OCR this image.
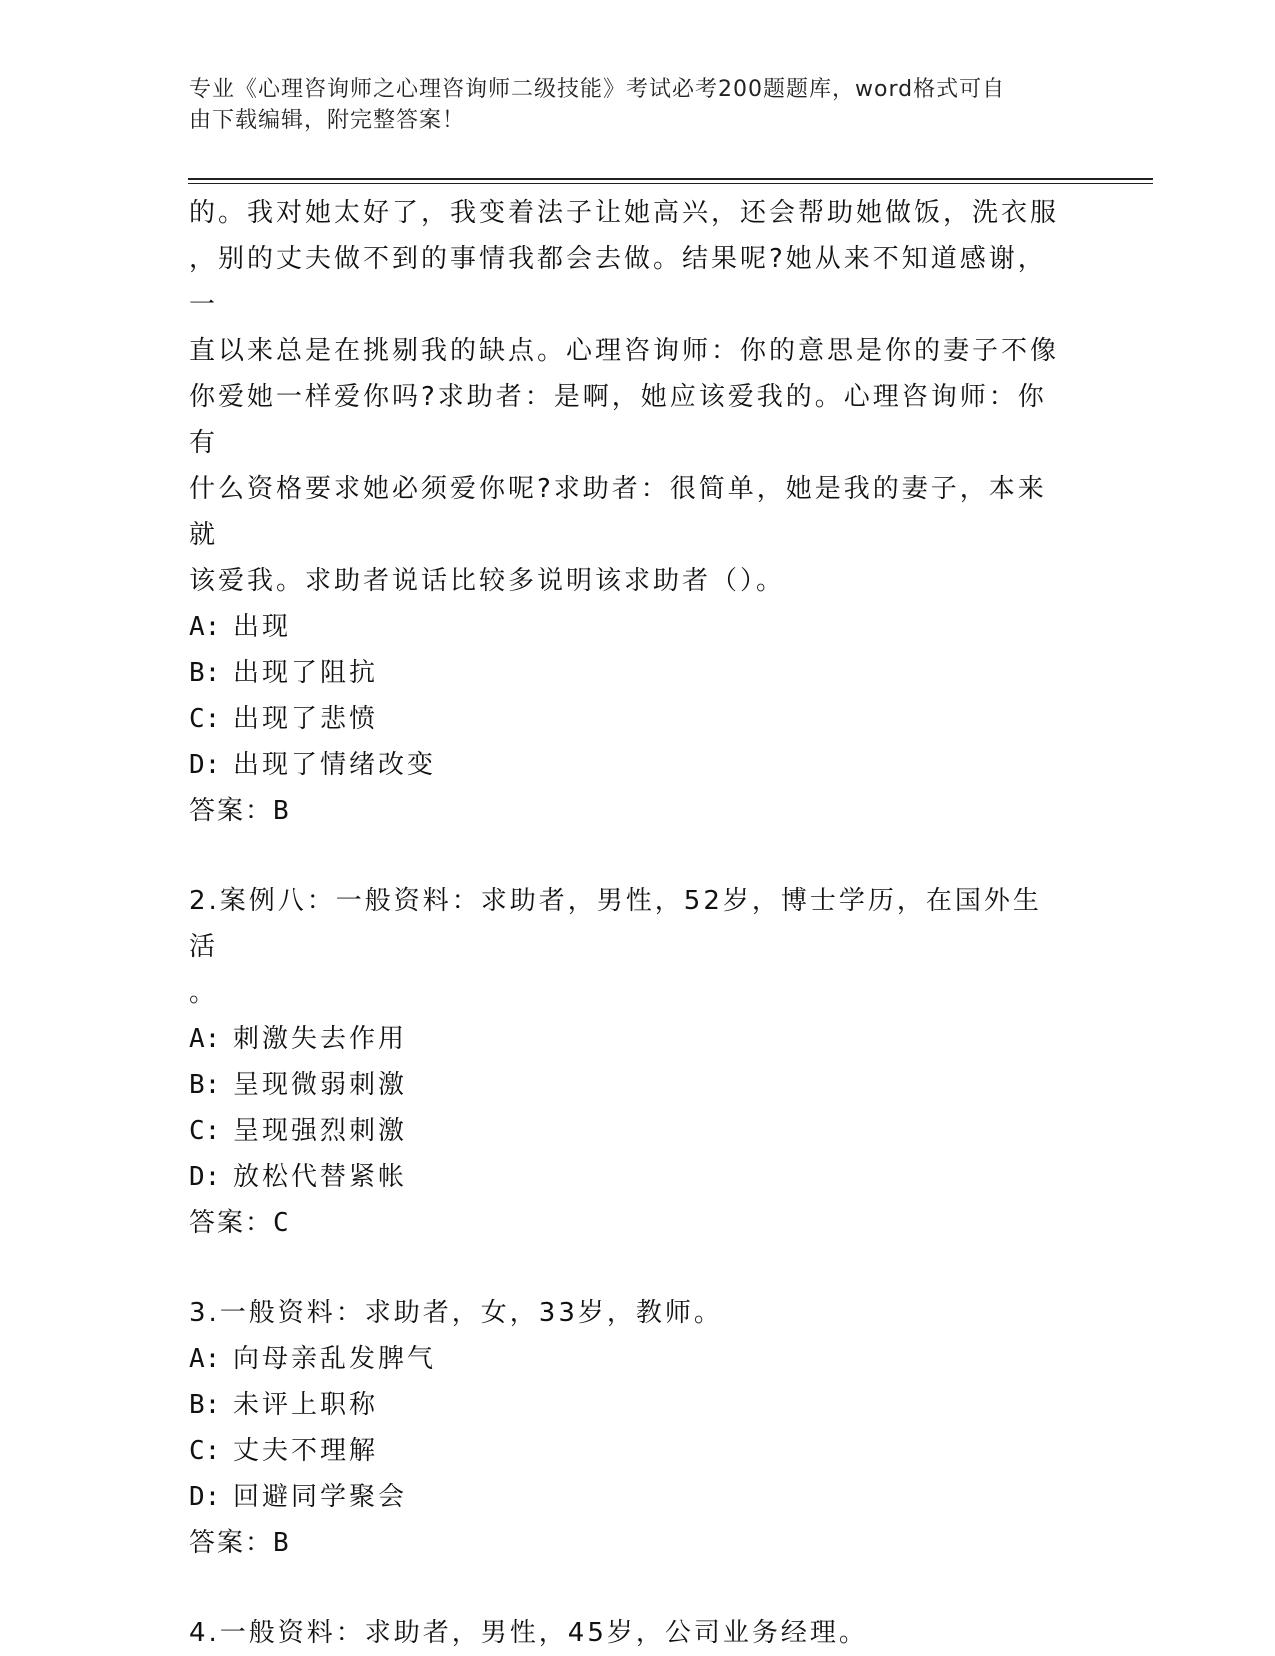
专业《心理咨询师之心理咨询师二级技能》考试必考200题题库，word格式可自
由下载编辑，附完整答案！

的。我对她太好了，我变着法子让她高兴，还会帮助她做饭，洗衣服

，别的丈夫做不到的事情我都会去做。结果呢?她从来不知道感谢，一

直以来总是在挑剔我的缺点。心理咨询师：你的意思是你的妻子不像

你爱她一样爱你吗?求助者：是啊，她应该爱我的。心理咨询师：你有

什么资格要求她必须爱你呢?求助者：很简单，她是我的妻子，本来就

该爱我。求助者说话比较多说明该求助者（）。

A: 出现

B: 出现了阻抗

C: 出现了悲愤

D: 出现了情绪改变

答案：B

2.案例八：一般资料：求助者，男性，52岁，博士学历，在国外生活

。

A: 刺激失去作用

B: 呈现微弱刺激

C: 呈现强烈刺激

D: 放松代替紧帐

答案：C

3.一般资料：求助者，女，33岁，教师。

A: 向母亲乱发脾气

B: 未评上职称

C: 丈夫不理解

D: 回避同学聚会

答案：B

4.一般资料：求助者，男性，45岁，公司业务经理。
